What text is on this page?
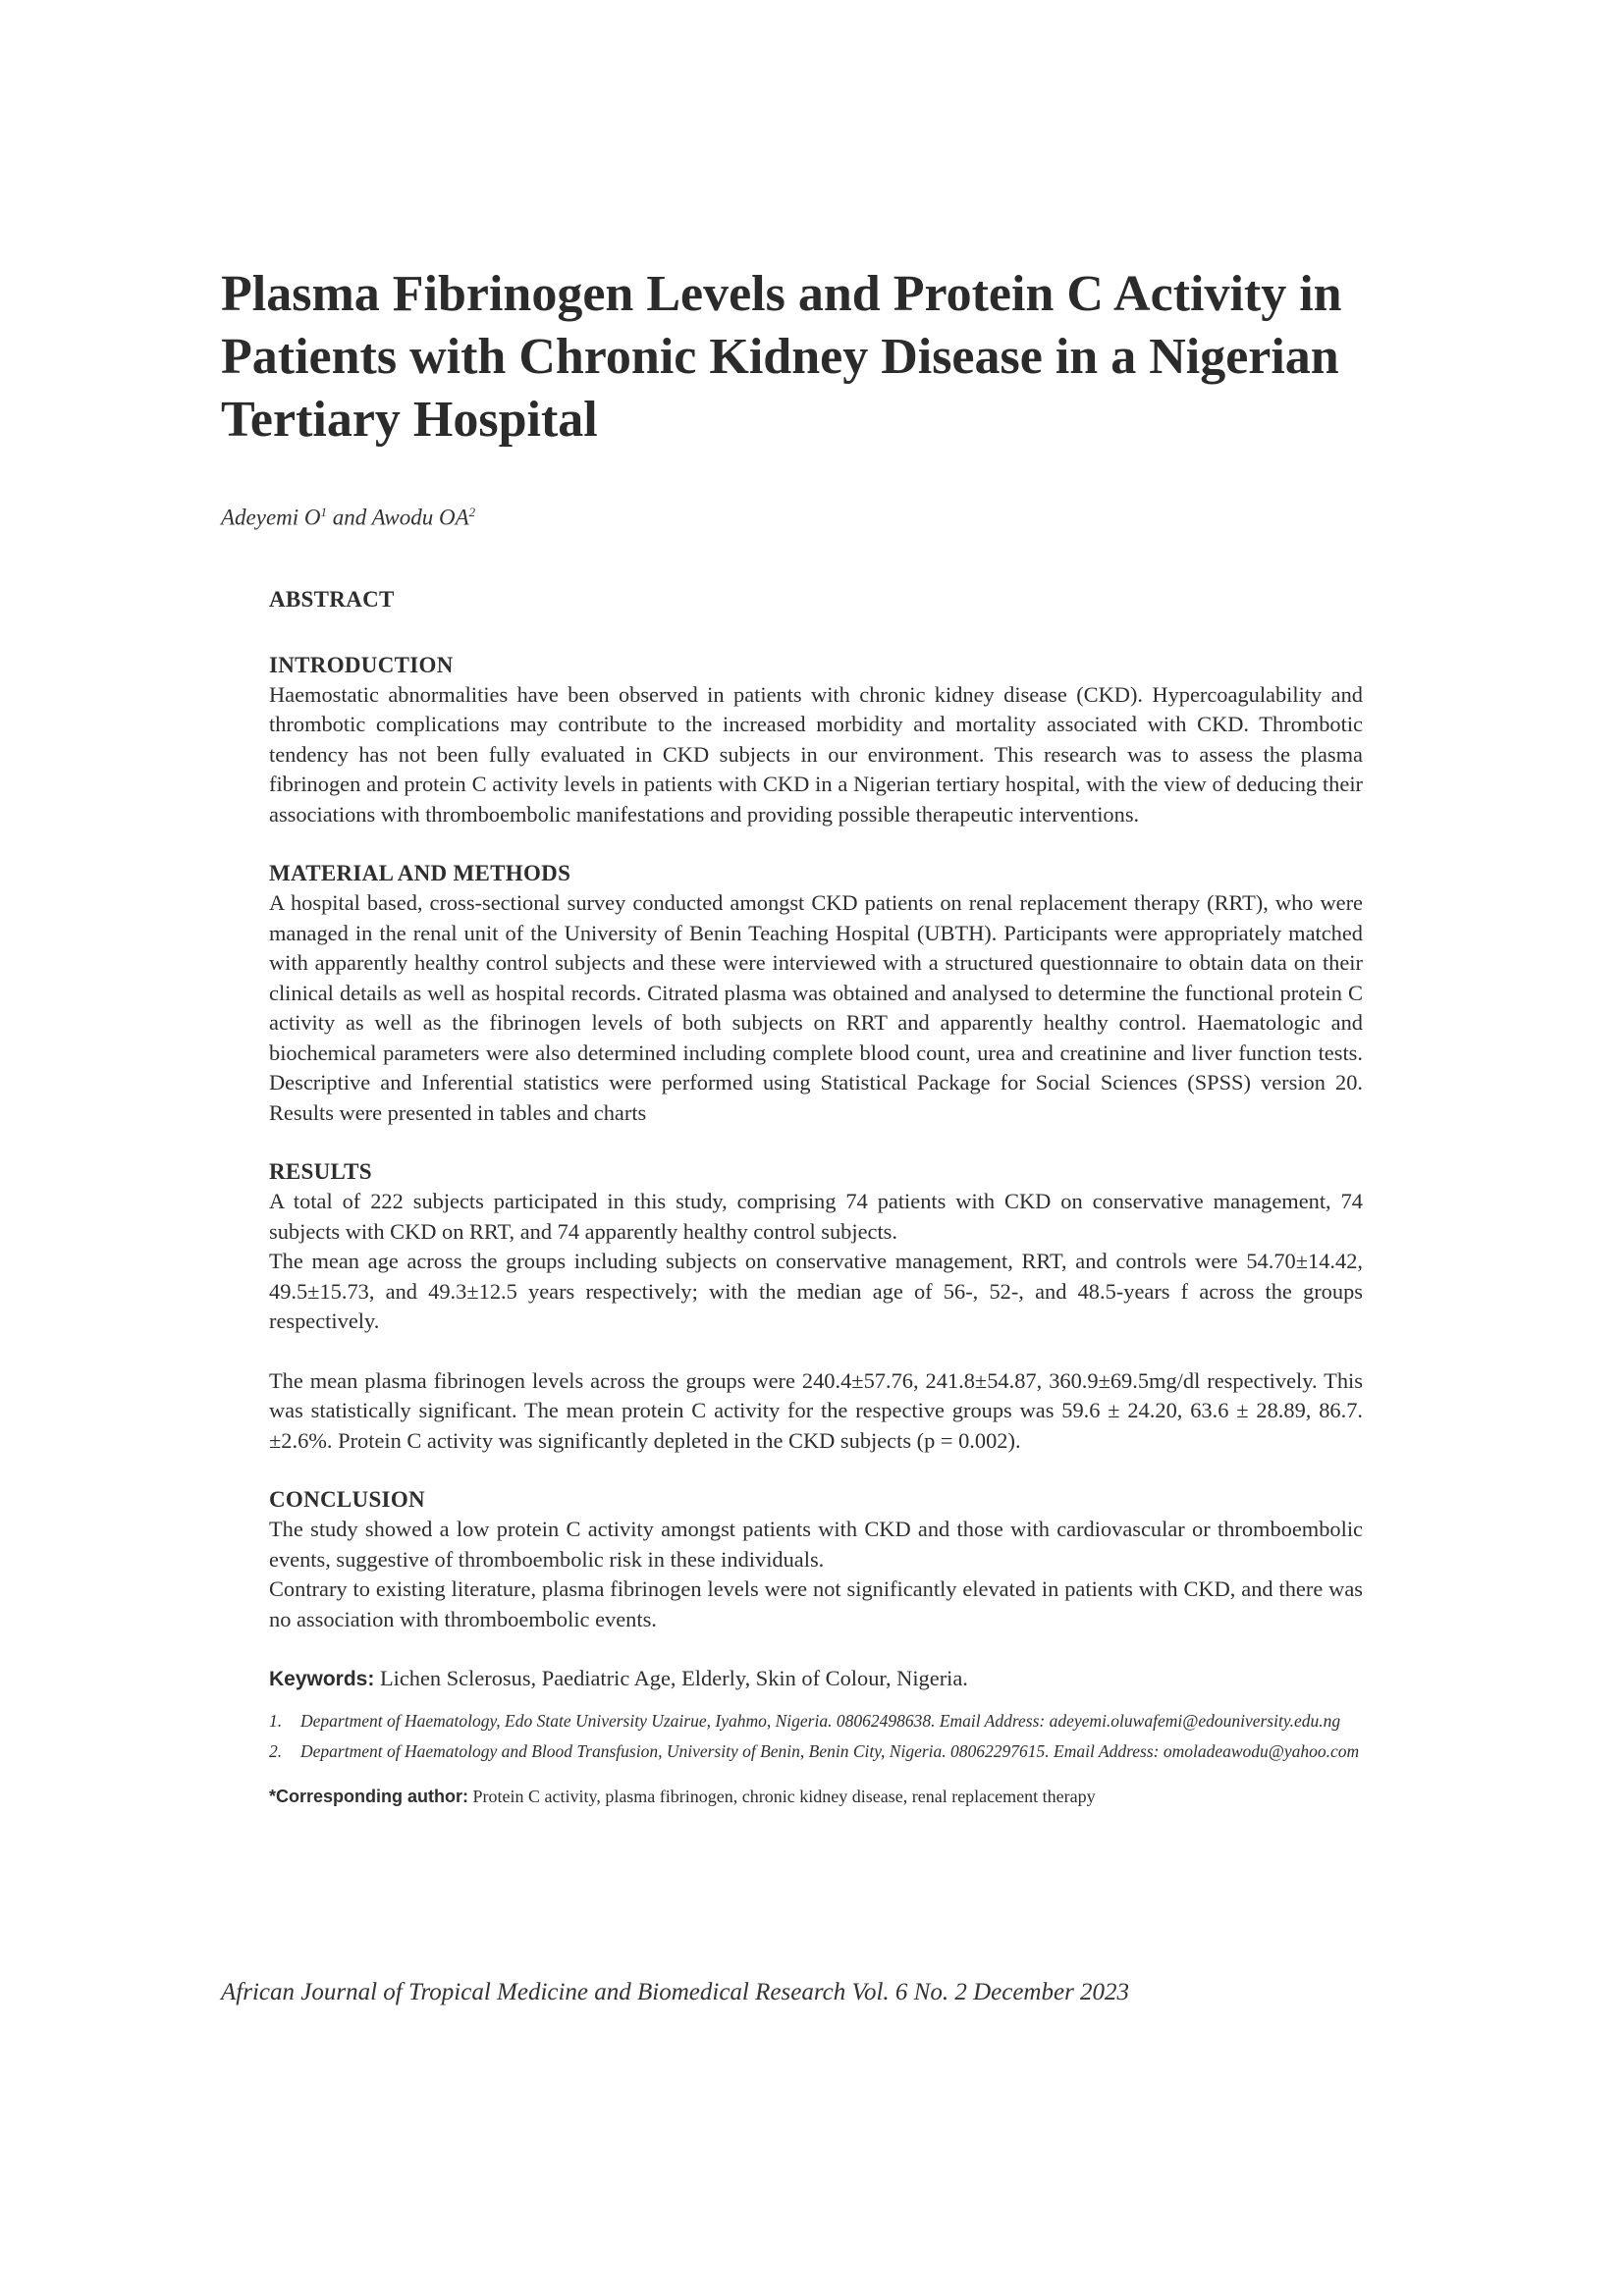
Plasma Fibrinogen Levels and Protein C Activity in Patients with Chronic Kidney Disease in a Nigerian Tertiary Hospital
Adeyemi $O^1$ and Awodu $OA^2$
ABSTRACT
INTRODUCTION

Haemostatic abnormalities have been observed in patients with chronic kidney disease (CKD). Hypercoagulability and thrombotic complications may contribute to the increased morbidity and mortality associated with CKD. Thrombotic tendency has not been fully evaluated in CKD subjects in our environment. This research was to assess the plasma fibrinogen and protein C activity levels in patients with CKD in a Nigerian tertiary hospital, with the view of deducing their associations with thromboembolic manifestations and providing possible therapeutic interventions.

MATERIAL AND METHODS

A hospital based, cross-sectional survey conducted amongst CKD patients on renal replacement therapy (RRT), who were managed in the renal unit of the University of Benin Teaching Hospital (UBTH). Participants were appropriately matched with apparently healthy control subjects and these were interviewed with a structured questionnaire to obtain data on their clinical details as well as hospital records. Citrated plasma was obtained and analysed to determine the functional protein C activity as well as the fibrinogen levels of both subjects on RRT and apparently healthy control. Haematologic and biochemical parameters were also determined including complete blood count, urea and creatinine and liver function tests. Descriptive and Inferential statistics were performed using Statistical Package for Social Sciences (SPSS) version 20. Results were presented in tables and charts

RESULTS

A total of 222 subjects participated in this study, comprising 74 patients with CKD on conservative management, 74 subjects with CKD on RRT, and 74 apparently healthy control subjects.

The mean age across the groups including subjects on conservative management, RRT, and controls were 54.70±14.42, 49.5±15.73, and 49.3±12.5 years respectively; with the median age of 56-, 52-, and 48.5-years f across the groups respectively.

The mean plasma fibrinogen levels across the groups were 240.4±57.76, 241.8±54.87, 360.9±69.5mg/dl respectively. This was statistically significant. The mean protein C activity for the respective groups was 59.6 ± 24.20, 63.6 ± 28.89, 86.7.±2.6%. Protein C activity was significantly depleted in the CKD subjects (p = 0.002).

CONCLUSION

The study showed a low protein C activity amongst patients with CKD and those with cardiovascular or thromboembolic events, suggestive of thromboembolic risk in these individuals.

Contrary to existing literature, plasma fibrinogen levels were not significantly elevated in patients with CKD, and there was no association with thromboembolic events.

Keywords: Lichen Sclerosus, Paediatric Age, Elderly, Skin of Colour, Nigeria.
1.	Department of Haematology, Edo State University Uzairue, Iyahmo, Nigeria. 08062498638. Email Address: adeyemi.oluwafemi@edouniversity.edu.ng
2.	Department of Haematology and Blood Transfusion, University of Benin, Benin City, Nigeria. 08062297615. Email Address: omoladeawodu@yahoo.com
*Corresponding author: Protein C activity, plasma fibrinogen, chronic kidney disease, renal replacement therapy
African Journal of Tropical Medicine and Biomedical Research Vol. 6 No. 2 December 2023
